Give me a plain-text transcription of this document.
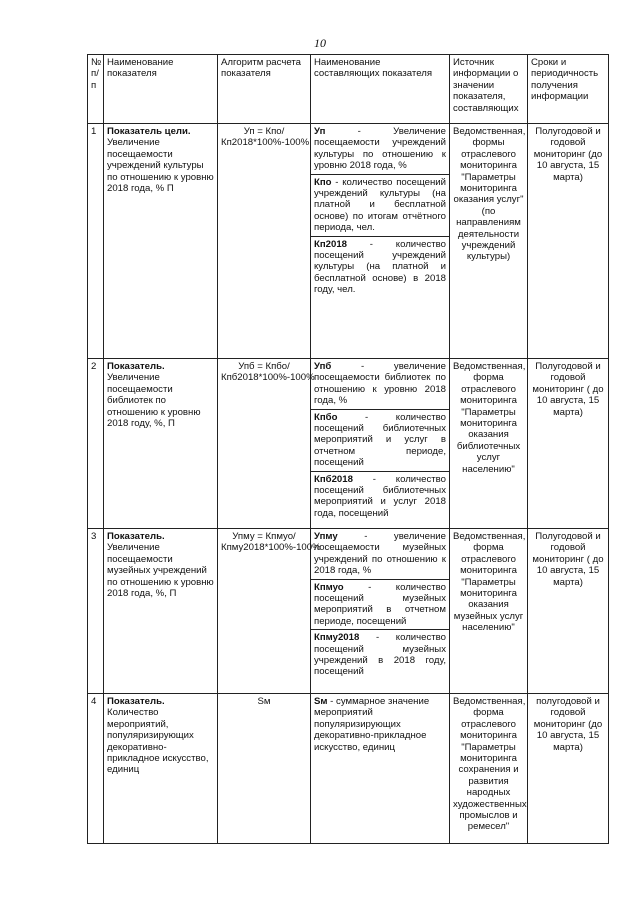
10
№ п/п	Наименование показателя	Алгоритм расчета показателя	Наименование составляющих показателя	Источник информации о значении показателя, составляющих	Сроки и периодичность получения информации
1	Показатель цели. Увеличение посещаемости учреждений культуры по отношению к уровню 2018 года, % П	Уп = Кпо/Кп2018*100%-100%	Уп - Увеличение посещаемости учреждений культуры по отношению к уровню 2018 года, %
Кпо - количество посещений учреждений культуры (на платной и бесплатной основе) по итогам отчётного периода, чел.
Кп2018 - количество посещений учреждений культуры (на платной и бесплатной основе) в 2018 году, чел.	Ведомственная, формы отраслевого мониторинга "Параметры мониторинга оказания услуг" (по направлениям деятельности учреждений культуры)	Полугодовой и годовой мониторинг (до 10 августа, 15 марта)
2	Показатель. Увеличение посещаемости библиотек по отношению к уровню 2018 году, %, П	Упб = Кпбо/Кпб2018*100%-100%	Упб - увеличение посещаемости библиотек по отношению к уровню 2018 года, %
Кпбо - количество посещений библиотечных мероприятий и услуг в отчетном периоде, посещений
Кпб2018 - количество посещений библиотечных мероприятий и услуг 2018 года, посещений	Ведомственная, форма отраслевого мониторинга "Параметры мониторинга оказания библиотечных услуг населению"	Полугодовой и годовой мониторинг ( до 10 августа, 15 марта)
3	Показатель. Увеличение посещаемости музейных учреждений по отношению к уровню 2018 года, %, П	Упму = Кпмуо/Кпму2018*100%-100%	Упму - увеличение посещаемости музейных учреждений по отношению к 2018 года, %
Кпмуо - количество посещений музейных мероприятий в отчетном периоде, посещений
Кпму2018 - количество посещений музейных учреждений в 2018 году, посещений	Ведомственная, форма отраслевого мониторинга "Параметры мониторинга оказания музейных услуг населению"	Полугодовой и годовой мониторинг ( до 10 августа, 15 марта)
4	Показатель. Количество мероприятий, популяризирующих декоративно-прикладное искусство, единиц	Sм	Sм - суммарное значение мероприятий популяризирующих декоративно-прикладное искусство, единиц	Ведомственная, форма отраслевого мониторинга "Параметры мониторинга сохранения и развития народных художественных промыслов и ремесел"	полугодовой и годовой мониторинг (до 10 августа, 15 марта)
